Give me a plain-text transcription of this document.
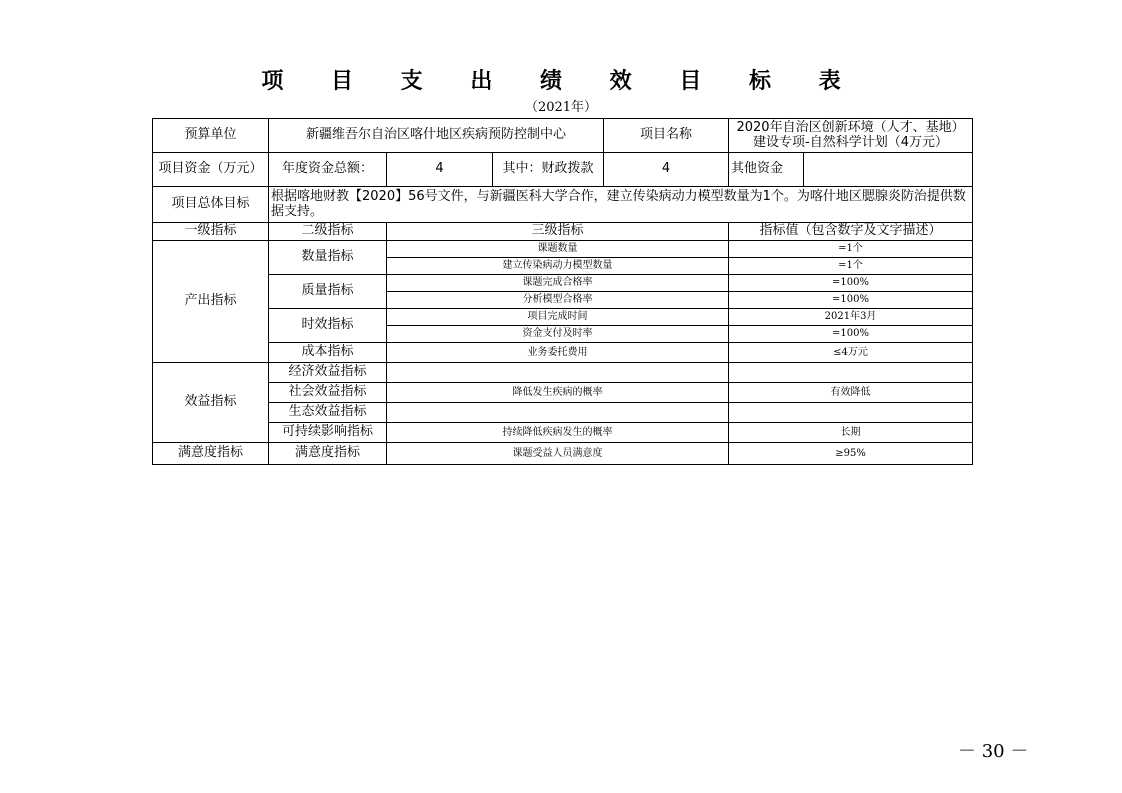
项 目 支 出 绩 效 目 标 表
（2021年）
预算单位	新疆维吾尔自治区喀什地区疾病预防控制中心			项目名称	2020年自治区创新环境（人才、基地）建设专项-自然科学计划（4万元）	
项目资金（万元）	年度资金总额：	4	其中：财政拨款	4	其他资金	
项目总体目标	根据喀地财教【2020】56号文件，与新疆医科大学合作，建立传染病动力模型数量为1个。为喀什地区腮腺炎防治提供数据支持。					
一级指标	二级指标	三级指标			指标值（包含数字及文字描述）	
产出指标	数量指标	课题数量			=1个	
		建立传染病动力模型数量			=1个	
	质量指标	课题完成合格率			=100%	
		分析模型合格率			=100%	
	时效指标	项目完成时间			2021年3月	
		资金支付及时率			=100%	
	成本指标	业务委托费用			≤4万元	
效益指标	经济效益指标					
	社会效益指标	降低发生疾病的概率			有效降低	
	生态效益指标					
	可持续影响指标	持续降低疾病发生的概率			长期	
满意度指标	满意度指标	课题受益人员满意度			≥95%	
－ 30 －
